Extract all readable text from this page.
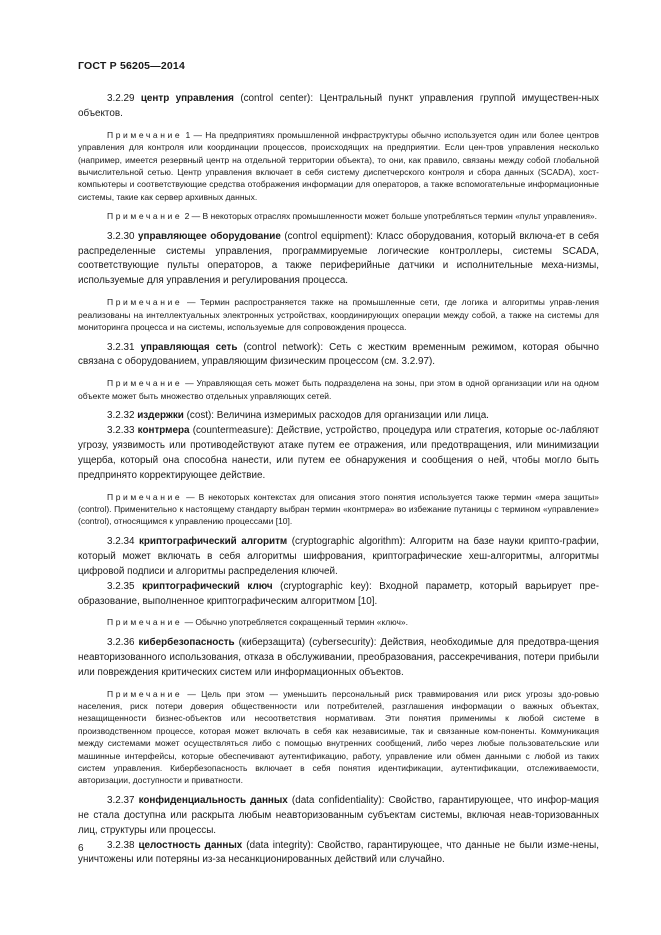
ГОСТ Р 56205—2014

3.2.29 центр управления (control center): Центральный пункт управления группой имуществен-ных объектов.

Примечание 1 — На предприятиях промышленной инфраструктуры обычно используется один или более центров управления для контроля или координации процессов, происходящих на предприятии. Если цен-тров управления несколько (например, имеется резервный центр на отдельной территории объекта), то они, как правило, связаны между собой глобальной вычислительной сетью. Центр управления включает в себя систему диспетчерского контроля и сбора данных (SCADA), хост-компьютеры и соответствующие средства отображения информации для операторов, а также вспомогательные информационные системы, такие как сервер архивных данных.

Примечание 2 — В некоторых отраслях промышленности может больше употребляться термин «пульт управления».

3.2.30 управляющее оборудование (control equipment): Класс оборудования, который включа-ет в себя распределенные системы управления, программируемые логические контроллеры, системы SCADA, соответствующие пульты операторов, а также периферийные датчики и исполнительные меха-низмы, используемые для управления и регулирования процесса.

Примечание — Термин распространяется также на промышленные сети, где логика и алгоритмы управ-ления реализованы на интеллектуальных электронных устройствах, координирующих операции между собой, а также на системы для мониторинга процесса и на системы, используемые для сопровождения процесса.

3.2.31 управляющая сеть (control network): Сеть с жестким временным режимом, которая обычно связана с оборудованием, управляющим физическим процессом (см. 3.2.97).

Примечание — Управляющая сеть может быть подразделена на зоны, при этом в одной организации или на одном объекте может быть множество отдельных управляющих сетей.

3.2.32 издержки (cost): Величина измеримых расходов для организации или лица.

3.2.33 контрмера (countermeasure): Действие, устройство, процедура или стратегия, которые ос-лабляют угрозу, уязвимость или противодействуют атаке путем ее отражения, или предотвращения, или минимизации ущерба, который она способна нанести, или путем ее обнаружения и сообщения о ней, чтобы могло быть предпринято корректирующее действие.

Примечание — В некоторых контекстах для описания этого понятия используется также термин «мера защиты» (control). Применительно к настоящему стандарту выбран термин «контрмера» во избежание путаницы с термином «управление» (control), относящимся к управлению процессами [10].

3.2.34 криптографический алгоритм (cryptographic algorithm): Алгоритм на базе науки крипто-графии, который может включать в себя алгоритмы шифрования, криптографические хеш-алгоритмы, алгоритмы цифровой подписи и алгоритмы распределения ключей.

3.2.35 криптографический ключ (cryptographic key): Входной параметр, который варьирует пре-образование, выполненное криптографическим алгоритмом [10].

Примечание — Обычно употребляется сокращенный термин «ключ».

3.2.36 кибербезопасность (киберзащита) (cybersecurity): Действия, необходимые для предотвра-щения неавторизованного использования, отказа в обслуживании, преобразования, рассекречивания, потери прибыли или повреждения критических систем или информационных объектов.

Примечание — Цель при этом — уменьшить персональный риск травмирования или риск угрозы здо-ровью населения, риск потери доверия общественности или потребителей, разглашения информации о важных объектах, незащищенности бизнес-объектов или несоответствия нормативам. Эти понятия применимы к любой системе в производственном процессе, которая может включать в себя как независимые, так и связанные ком-поненты. Коммуникация между системами может осуществляться либо с помощью внутренних сообщений, либо через любые пользовательские или машинные интерфейсы, которые обеспечивают аутентификацию, работу, управление или обмен данными с любой из таких систем управления. Кибербезопасность включает в себя понятия идентификации, аутентификации, отслеживаемости, авторизации, доступности и приватности.

3.2.37 конфиденциальность данных (data confidentiality): Свойство, гарантирующее, что инфор-мация не стала доступна или раскрыта любым неавторизованным субъектам системы, включая неав-торизованных лиц, структуры или процессы.

3.2.38 целостность данных (data integrity): Свойство, гарантирующее, что данные не были изме-нены, уничтожены или потеряны из-за несанкционированных действий или случайно.

6
